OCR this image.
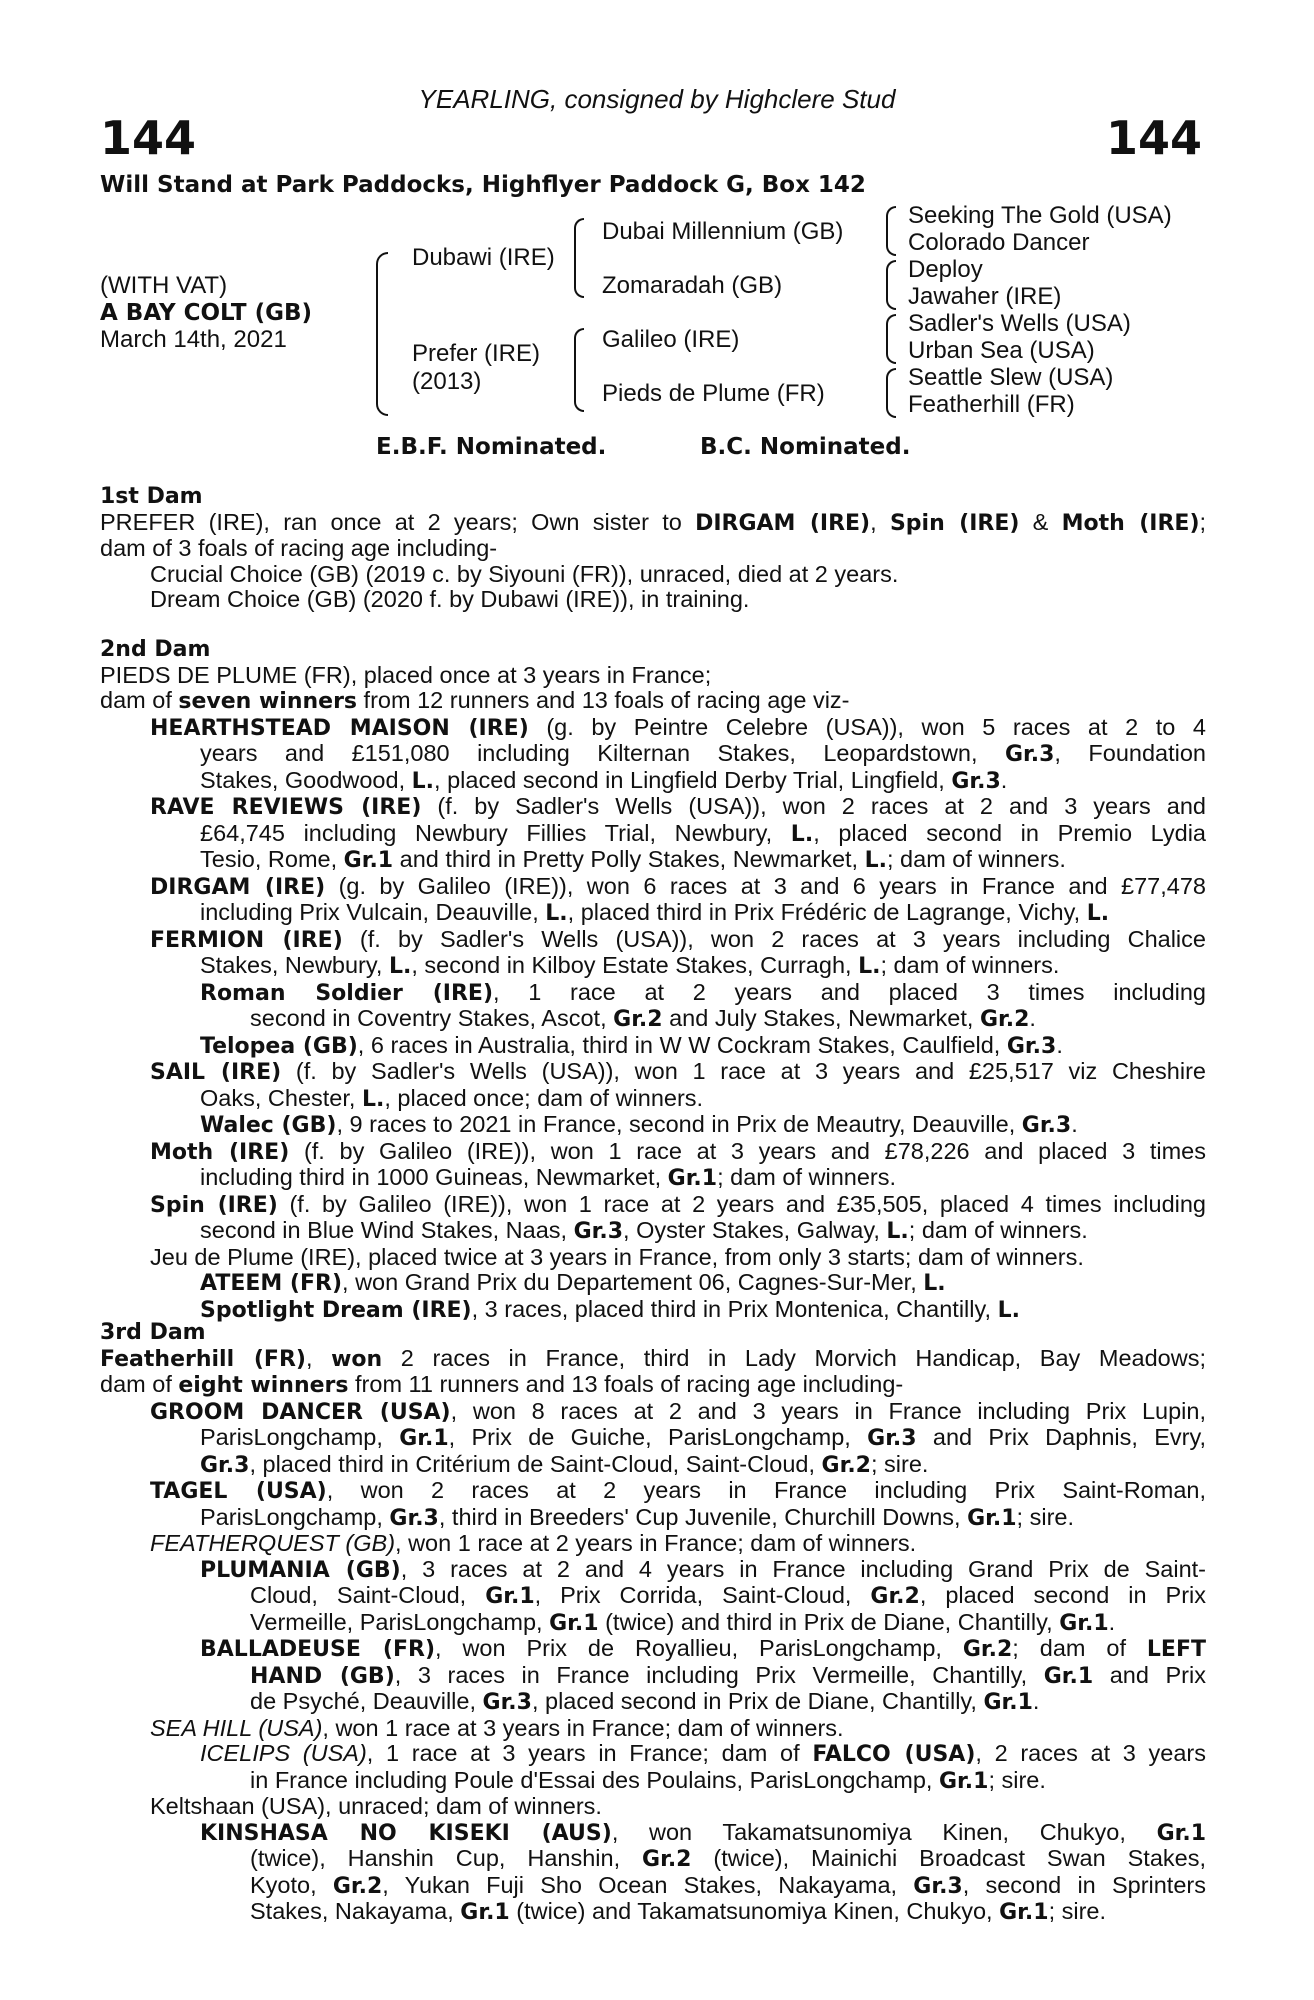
YEARLING, consigned by Highclere Stud
144	144
Will Stand at Park Paddocks, Highflyer Paddock G, Box 142
(WITH VAT)
A BAY COLT (GB)
March 14th, 2021
Dubawi (IRE)
Prefer (IRE)
(2013)
Dubai Millennium (GB)
Zomaradah (GB)
Galileo (IRE)
Pieds de Plume (FR)
Seeking The Gold (USA)
Colorado Dancer
Deploy
Jawaher (IRE)
Sadler's Wells (USA)
Urban Sea (USA)
Seattle Slew (USA)
Featherhill (FR)
E.B.F. Nominated.	B.C. Nominated.
1st Dam
PREFER (IRE), ran once at 2 years; Own sister to DIRGAM (IRE), Spin (IRE) & Moth (IRE);
dam of 3 foals of racing age including-
Crucial Choice (GB) (2019 c. by Siyouni (FR)), unraced, died at 2 years.
Dream Choice (GB) (2020 f. by Dubawi (IRE)), in training.
2nd Dam
PIEDS DE PLUME (FR), placed once at 3 years in France;
dam of seven winners from 12 runners and 13 foals of racing age viz-
HEARTHSTEAD MAISON (IRE) (g. by Peintre Celebre (USA)), won 5 races at 2 to 4
years and £151,080 including Kilternan Stakes, Leopardstown, Gr.3, Foundation
Stakes, Goodwood, L., placed second in Lingfield Derby Trial, Lingfield, Gr.3.
RAVE REVIEWS (IRE) (f. by Sadler's Wells (USA)), won 2 races at 2 and 3 years and
£64,745 including Newbury Fillies Trial, Newbury, L., placed second in Premio Lydia
Tesio, Rome, Gr.1 and third in Pretty Polly Stakes, Newmarket, L.; dam of winners.
DIRGAM (IRE) (g. by Galileo (IRE)), won 6 races at 3 and 6 years in France and £77,478
including Prix Vulcain, Deauville, L., placed third in Prix Frédéric de Lagrange, Vichy, L.
FERMION (IRE) (f. by Sadler's Wells (USA)), won 2 races at 3 years including Chalice
Stakes, Newbury, L., second in Kilboy Estate Stakes, Curragh, L.; dam of winners.
Roman Soldier (IRE), 1 race at 2 years and placed 3 times including
second in Coventry Stakes, Ascot, Gr.2 and July Stakes, Newmarket, Gr.2.
Telopea (GB), 6 races in Australia, third in W W Cockram Stakes, Caulfield, Gr.3.
SAIL (IRE) (f. by Sadler's Wells (USA)), won 1 race at 3 years and £25,517 viz Cheshire
Oaks, Chester, L., placed once; dam of winners.
Walec (GB), 9 races to 2021 in France, second in Prix de Meautry, Deauville, Gr.3.
Moth (IRE) (f. by Galileo (IRE)), won 1 race at 3 years and £78,226 and placed 3 times
including third in 1000 Guineas, Newmarket, Gr.1; dam of winners.
Spin (IRE) (f. by Galileo (IRE)), won 1 race at 2 years and £35,505, placed 4 times including
second in Blue Wind Stakes, Naas, Gr.3, Oyster Stakes, Galway, L.; dam of winners.
Jeu de Plume (IRE), placed twice at 3 years in France, from only 3 starts; dam of winners.
ATEEM (FR), won Grand Prix du Departement 06, Cagnes-Sur-Mer, L.
Spotlight Dream (IRE), 3 races, placed third in Prix Montenica, Chantilly, L.
3rd Dam
Featherhill (FR), won 2 races in France, third in Lady Morvich Handicap, Bay Meadows;
dam of eight winners from 11 runners and 13 foals of racing age including-
GROOM DANCER (USA), won 8 races at 2 and 3 years in France including Prix Lupin,
ParisLongchamp, Gr.1, Prix de Guiche, ParisLongchamp, Gr.3 and Prix Daphnis, Evry,
Gr.3, placed third in Critérium de Saint-Cloud, Saint-Cloud, Gr.2; sire.
TAGEL (USA), won 2 races at 2 years in France including Prix Saint-Roman,
ParisLongchamp, Gr.3, third in Breeders' Cup Juvenile, Churchill Downs, Gr.1; sire.
FEATHERQUEST (GB), won 1 race at 2 years in France; dam of winners.
PLUMANIA (GB), 3 races at 2 and 4 years in France including Grand Prix de Saint-
Cloud, Saint-Cloud, Gr.1, Prix Corrida, Saint-Cloud, Gr.2, placed second in Prix
Vermeille, ParisLongchamp, Gr.1 (twice) and third in Prix de Diane, Chantilly, Gr.1.
BALLADEUSE (FR), won Prix de Royallieu, ParisLongchamp, Gr.2; dam of LEFT
HAND (GB), 3 races in France including Prix Vermeille, Chantilly, Gr.1 and Prix
de Psyché, Deauville, Gr.3, placed second in Prix de Diane, Chantilly, Gr.1.
SEA HILL (USA), won 1 race at 3 years in France; dam of winners.
ICELIPS (USA), 1 race at 3 years in France; dam of FALCO (USA), 2 races at 3 years
in France including Poule d'Essai des Poulains, ParisLongchamp, Gr.1; sire.
Keltshaan (USA), unraced; dam of winners.
KINSHASA NO KISEKI (AUS), won Takamatsunomiya Kinen, Chukyo, Gr.1
(twice), Hanshin Cup, Hanshin, Gr.2 (twice), Mainichi Broadcast Swan Stakes,
Kyoto, Gr.2, Yukan Fuji Sho Ocean Stakes, Nakayama, Gr.3, second in Sprinters
Stakes, Nakayama, Gr.1 (twice) and Takamatsunomiya Kinen, Chukyo, Gr.1; sire.
